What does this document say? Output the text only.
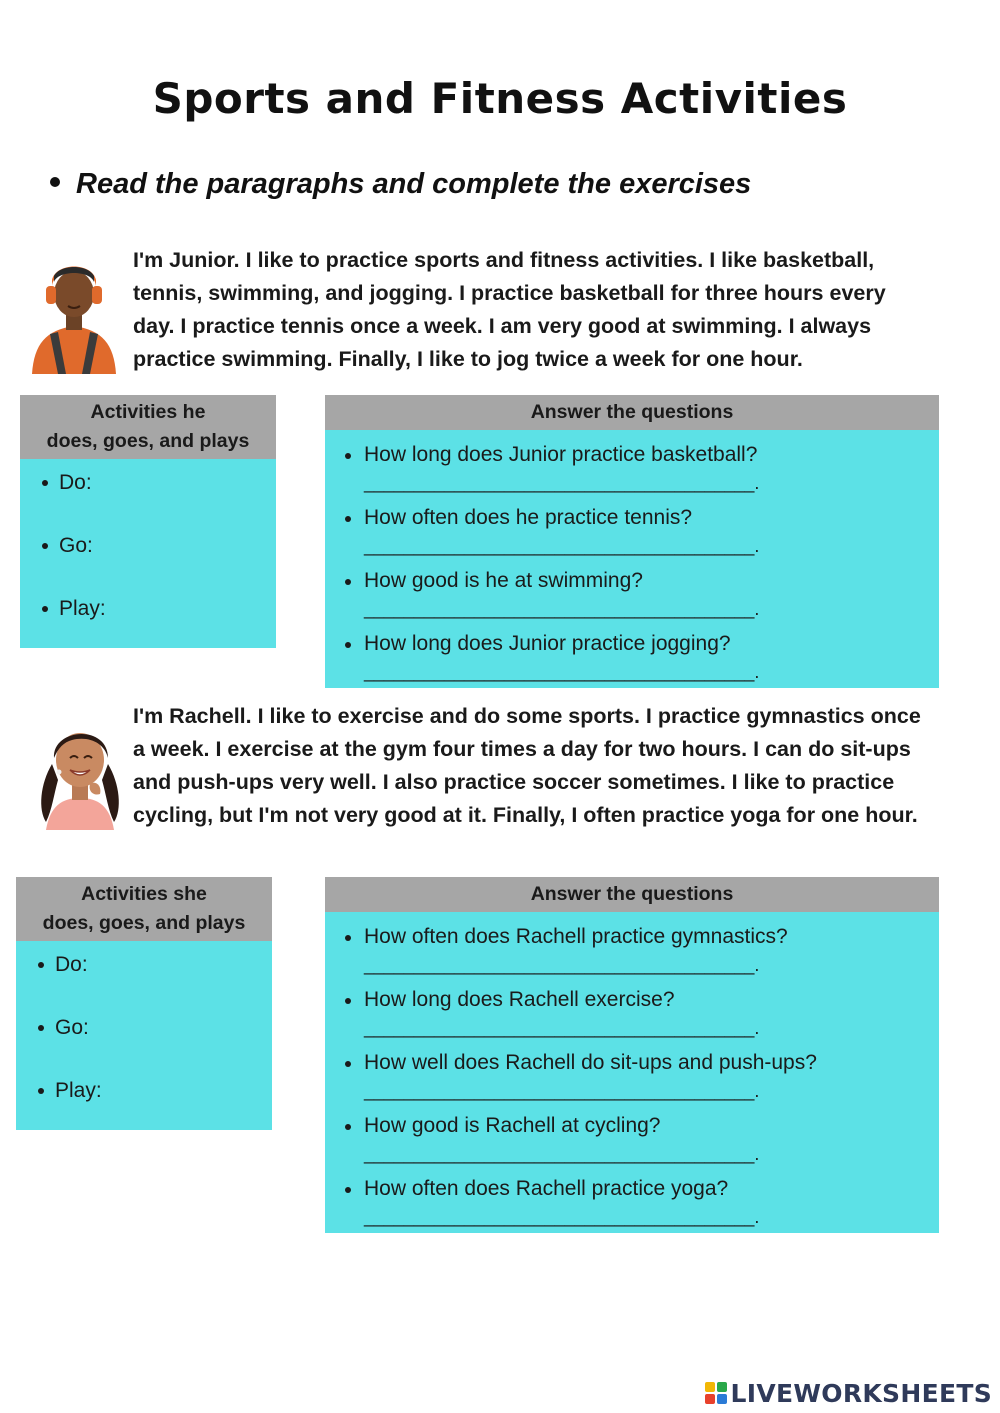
Sports and Fitness Activities
Read the paragraphs and complete the exercises
I'm Junior. I like to practice sports and fitness activities. I like basketball, tennis, swimming, and jogging. I practice basketball for three hours every day. I practice tennis once a week. I am very good at swimming. I always practice swimming. Finally, I like to jog twice a week for one hour.
Activities he
does, goes, and plays
Do:
Go:
Play:
Answer the questions
How long does Junior practice basketball?
_______________________________________.
How often does he practice tennis?
_______________________________________.
How good is he at swimming?
_______________________________________.
How long does Junior practice jogging?
_______________________________________.
I'm Rachell. I like to exercise and do some sports. I practice gymnastics once a week. I exercise at the gym four times a day for two hours. I can do sit-ups and push-ups very well. I also practice soccer sometimes. I like to practice cycling, but I'm not very good at it. Finally, I often practice yoga for one hour.
Activities she
does, goes, and plays
Do:
Go:
Play:
Answer the questions
How often does Rachell practice gymnastics?
_______________________________________.
How long does Rachell exercise?
_______________________________________.
How well does Rachell do sit-ups and push-ups?
_______________________________________.
How good is Rachell at cycling?
_______________________________________.
How often does Rachell practice yoga?
_______________________________________.
LIVEWORKSHEETS
